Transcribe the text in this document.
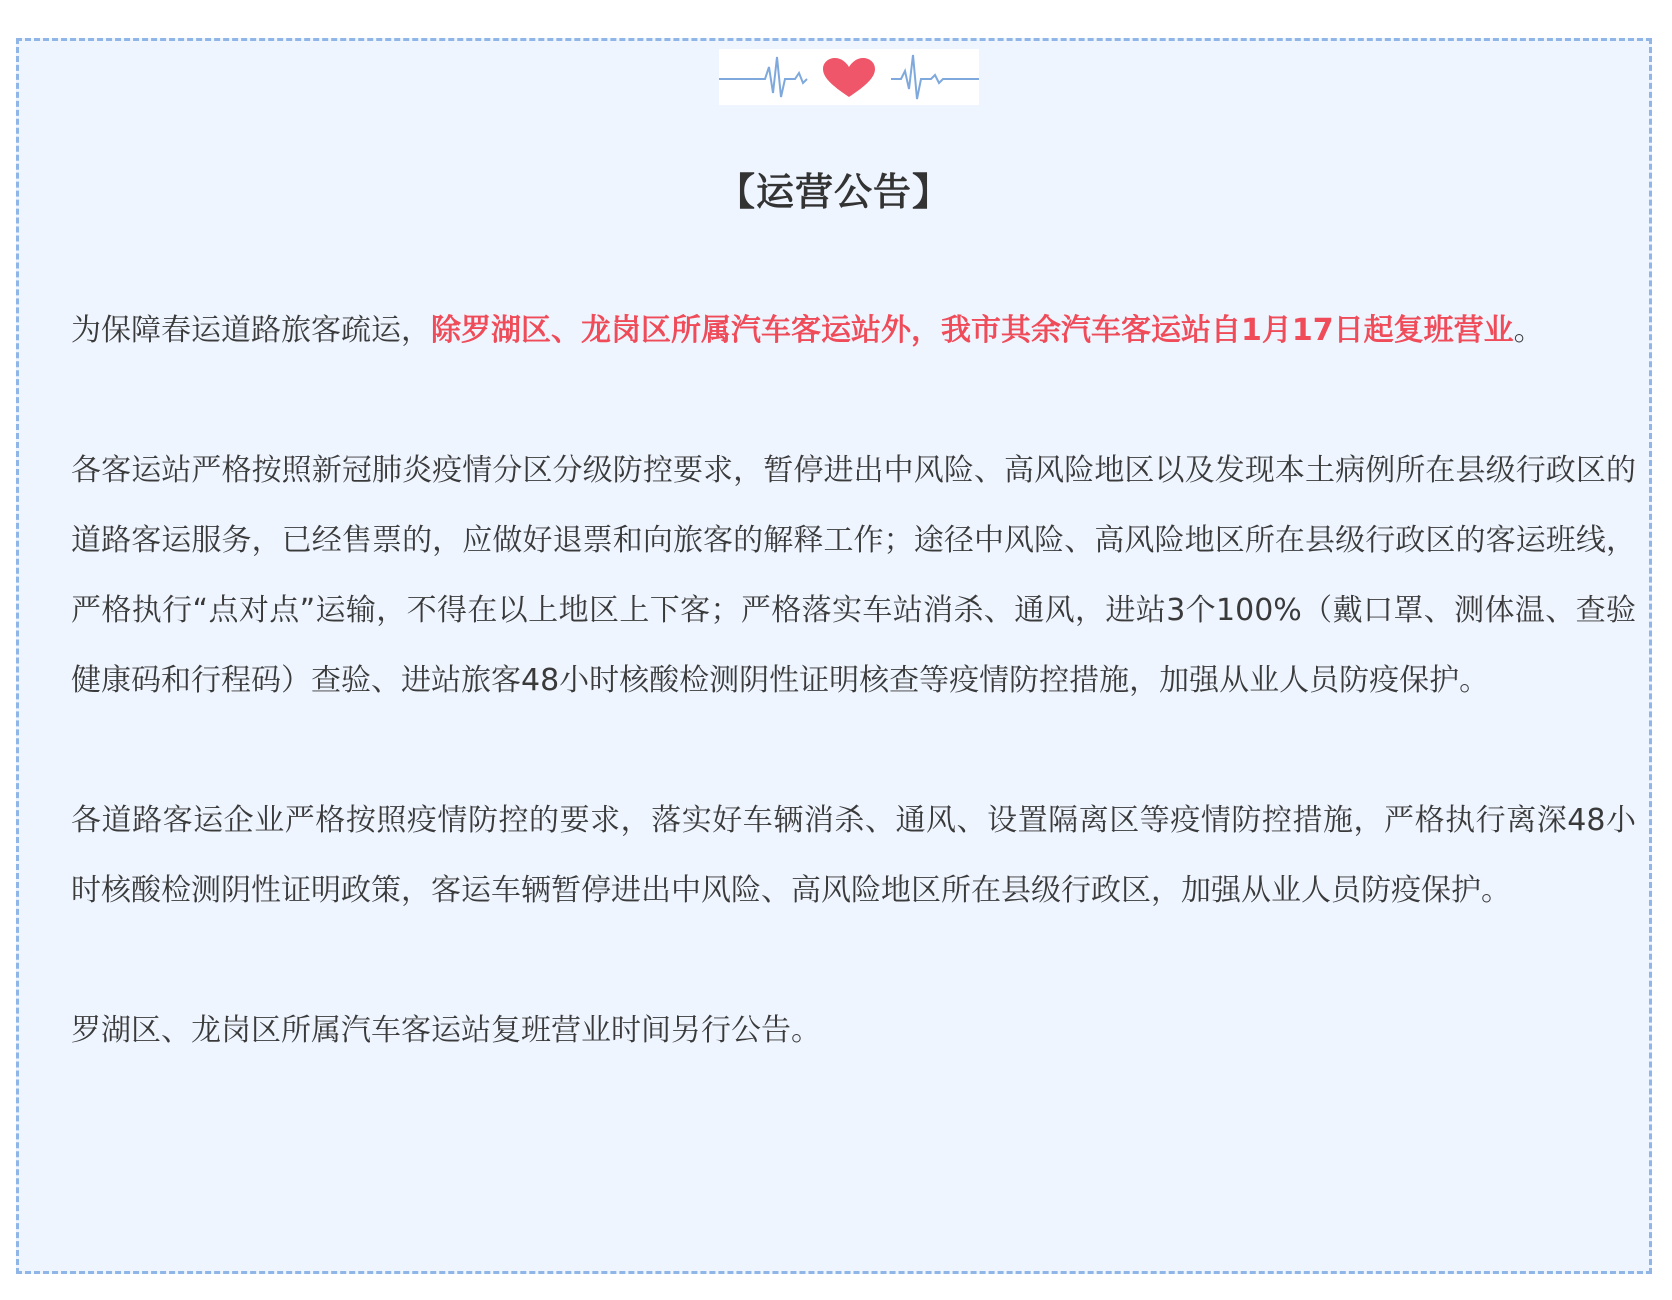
【运营公告】

为保障春运道路旅客疏运，除罗湖区、龙岗区所属汽车客运站外，我市其余汽车客运站自1月17日起复班营业。

各客运站严格按照新冠肺炎疫情分区分级防控要求，暂停进出中风险、高风险地区以及发现本土病例所在县级行政区的道路客运服务，已经售票的，应做好退票和向旅客的解释工作；途径中风险、高风险地区所在县级行政区的客运班线，严格执行“点对点”运输，不得在以上地区上下客；严格落实车站消杀、通风，进站3个100%（戴口罩、测体温、查验健康码和行程码）查验、进站旅客48小时核酸检测阴性证明核查等疫情防控措施，加强从业人员防疫保护。

各道路客运企业严格按照疫情防控的要求，落实好车辆消杀、通风、设置隔离区等疫情防控措施，严格执行离深48小时核酸检测阴性证明政策，客运车辆暂停进出中风险、高风险地区所在县级行政区，加强从业人员防疫保护。

罗湖区、龙岗区所属汽车客运站复班营业时间另行公告。
